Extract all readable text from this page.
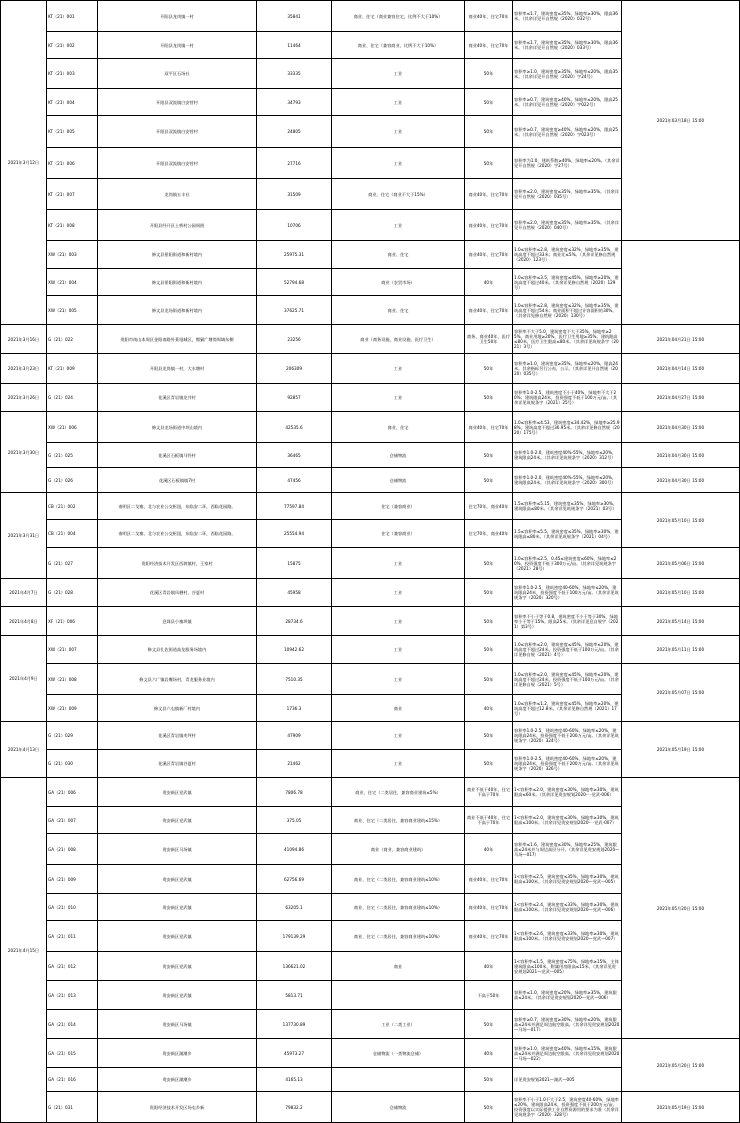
2021年3月12日	KT（21）001	开阳县龙岗镇一村	35841	商业、住宅（商业兼容住宅，比例不大于10%）	商业40年、住宅70年	容积率≤1.7，建筑密度≤35%，绿地率≥30%，限高36米。（其余详见开自然规（2020）032号）	2021年03月18日 15:00
	KT（21）002	开阳县龙岗镇一村	11464	商业、住宅（兼容商业，比例不大于10%）	商业40年、住宅70年	容积率≤1.7，建筑密度≤35%，绿地率≥30%，限高36米。（其余详见开自然规（2020）033号）	
	KT（21）003	双平区石场社	33335	工业	50年	容积率≥1.0，建筑密度≥35%，绿地率≤20%，限高35米。（其余详见开自然规（2020）字24号）	
	KT（21）004	开阳县双流镇白安营村	34793	工业	50年	容积率≥0.7，建筑密度≥40%，绿地率≤20%，限高25米。（其余详见开自然规（2020）字022号）	
	KT（21）005	开阳县双流镇白安营村	24805	工业	50年	容积率≥0.7，建筑密度≥40%，绿地率≤20%，限高25米。（其余详见开自然规（2020）字023号）	
	KT（21）006	开阳县双流镇白安营村	27716	工业	50年	容积率为1.0，建筑系数≥40%，绿地率≤20%。（其余详见开自然规（2020）字27号）	
	KT（21）007	龙岗镇五丰社	31509	商业、住宅（商业不大于15%）	商业40年，住宅70年	容积率≤2.0，建筑密度≤35%，绿地率≥35%。（其余详见开自然规（2020）035号）	
	KT（21）008	开阳县经开区土桥村公园周围	10706	工业	商业40年、住宅70年	容积率≤2.0，建筑密度≤35%，绿地率≥35%。（其余详见开自然规（2020）040号）	
	XW（21）003	修文县景阳街道和新村境内	25975.31	商业、住宅	商业40年、住宅70年	1.0≤容积率≤2.8，建筑密度≤32%，绿地率≥35%，建筑高度不超过33米；商业比≤5%。（其余详见修自然规（2020）123号）	
	XW（21）004	修文县景阳街道和新村境内	52794.68	商业（农贸市场）	40年	1.0≤容积率≤3.5，建筑密度≤45%，绿地率≥20%，建筑高度不超过40米。（其余详见修自然规（2020）129号）	
	XW（21）005	修文县龙场街道和新村境内	37625.71	商业、住宅	商业40年、住宅70年	1.0≤容积率≤2.8，建筑密度≤32%，绿地率≥35%，建筑高度不超过54米；商业面积不超过计容面积的30%。（其余详见修自然规（2020）130号）	
2021年3月16日	G（21）022	贵阳市南山本周区金阳南路外莱垭城区，熊猫广塘湾周域东侧	23256	商业（商务设施、商业设施、医疗卫生）	商务、商业40年，医疗卫生50年	容积率不大于5.0，建筑密度不大于35%，绿地率≥25%，商业用地≥20%，医疗卫生用地≥35%；建筑限高≤80米，医疗卫生限高≤80米。（其余详见筑规条字（2021）3号）	2021年04月21日 15:00
2021年3月23日	KT（21）009	开阳县龙岗镇一村，大水塘村	206309	工业	50年	容积率≥1.0，建筑密度≥35%，绿地率≤20%，限高24米。其余指标另行公布，公示。（其余详见开自然规（2020）035号）	2021年04月14日 15:00
2021年3月26日	G（21）024	花溪区青岩镇龙井村	92857	工业	50年	容积率1.0-2.5，建筑密度不小于40%，绿地率不大于20%；建筑限高24米，投资强度不低于100万元/亩。（其余详见筑规条字（2021）25号）	2021年04月27日 15:00
2021年3月30日	XW（21）006	修文县龙场街道中坝山境内	42535.6	商业、住宅	商业40年、住宅70年	1.0≤容积率≤4.53，建筑密度≤34.42%，绿地率≥25.98%，建筑高度不超过36.95米。（其余详见修自然规（2020）175号）	2021年04月30日 15:00
	G（21）025	花溪区石板镇马铃村	36465	仓储物流	50年	容积率1.0-2.0，建筑密度40%-55%，绿地率≤20%，建筑限高24米。（其余详见筑规条字（2020）312号）	2021年04月30日 15:00
	G（21）026	花溪区石板镇镇7村	47456	仓储物流	50年	容积率1.0-2.0，建筑密度40%-55%，绿地率≤20%，建筑限高24米。（其余详见筑规条字（2020）300号）	2021年04月30日 15:00
2021年3月31日	CB（21）002	南明区二戈寨，北与农业公交枢纽，东临安二环，西临花园路。	77597.84	住宅（兼容商业）	住宅70年，商业40年	1.5≤容积率≤5.15，建筑密度≤35%，绿地率≥30%，建筑限高≤80米。（其余详见筑规条字（2021）03号）	2021年05月10日 15:00
	CB（21）004	南明区二戈寨，北与农业公交枢纽，东临安二环，西临花园路。	25554.94	住宅（兼容商业）	住宅70年，商业40年	1.5≤容积率≤5.5，建筑密度≤35%，绿地率≥30%，建筑限高≤80米。（其余详见筑规条字（2021）04号）	
	G（21）027	贵阳经济技术开发区西坡镇村，王家村	15875	工业	50年	1.0≤容积率≤2.5，0.45≤建筑密度≤60%，绿地率≤20%，投资强度不低于300万元/亩。（其余详见筑规条字（2021）28号）	2021年05月06日 15:00
2021年4月7日	G（21）028	花溪区青岩镇凤栖村，谷夏村	45958	工业	50年	容积率1.0-2.5，建筑密度40-60%，绿地率≤20%，建筑限高24米，投资强度不低于100万元/亩。（其余详见筑规条字（2020）320号）	2021年05月10日 15:00
2021年4月8日	XF（21）006	息烽县小寨坝镇	28734.6	工业	50年	容积率不小于等于0.8，建筑密度不小于等于30%，绿地率小于等于15%，限高25米。（其余详见息自规字（2021）第3号）	2021年05月14日 15:00
2021年4月9日	XW（21）007	修文县扎佐街道高龙服务场境内	10942.62	工业	50年	1.0≤容积率≤2.0，建筑密度≤45%，绿地率≤20%，建筑高度不超过24米，投资强度不低于100万元/亩。（其余详见修自规（2021）4号）	2021年05月11日 15:00
	XW（21）008	修文县六广镇岩鹰场村，青龙服务业境内	7510.35	工业	50年	1.0≤容积率≤2.0，建筑密度≤45%，绿地率≤20%，建筑高度不超过24米，投资强度不低于100万元/亩。（其余详见修自规（2021）5号）	2021年05月07日 15:00
	XW（21）009	修文县六屯镇新厂村境内	1736.3	商业	40年	1.0≤容积率≤1.2，建筑密度≤45%，绿地率≥20%，建筑高度不超过12.8米。（其余详见修自然规（2021）17号）	
2021年4月13日	G（21）029	花溪区青岩镇麦坪村	47909	工业	50年	容积率1.0-2.5，建筑密度40-60%，绿地率≤20%，建筑限高24米，投资强度不低于200万元/亩。（其余详见筑规条字（2020）324号）	2021年05月19日 15:00
	G（21）030	花溪区青岩镇谷夏村	21462	工业	50年	容积率1.0-2.5，建筑密度40-60%，绿地率≤20%，建筑限高24米，投资强度不低于200万元/亩。（其余详见筑规条字（2020）326号）	
2021年4月15日	GA（21）006	贵安新区党武镇	7806.78	商业、住宅（二类居住，兼容商业建筑≤5%）	商业不低于40年，住宅不高于70年	1<容积率≤2.0，建筑密度≤30%，绿地率≥30%，建筑限高≤60米。（其余详见贵安规划2020-一党武-006）	2021年05月20日 15:00
	GA（21）007	贵安新区党武镇	375.05	商业、住宅（二类居住，兼容商业建筑≤15%）	商业不低于40年，住宅不高于70年	1<容积率≤2.0，建筑密度≤30%，绿地率≥30%，建筑限高≤100米。（其余详见贵安规划2020-一党武-007）	
	GA（21）008	贵安新区马场镇	41094.86	商业（商业，兼容商业建筑）	40年	容积率≤1.6，建筑密度≤30%，绿地率≥25%，建筑限高≤24米并与周边高层分开。（其余详见贵安规划2020—马场—017）	
	GA（21）009	贵安新区党武镇	62756.69	商业、住宅（二类居住，兼容商业建筑≤10%）	商业40年，住宅70年	1<容积率≤2.5，建筑密度≤35%，绿地率≥30%，建筑限高≤100米。（其余详见贵安规划2020—党武—005）	
	GA（21）010	贵安新区党武镇	63205.1	商业、住宅（二类居住，兼容商业建筑≤10%）	商业40年，住宅70年	1<容积率≤2.4，建筑密度≤33%，绿地率≥30%，建筑限高≤100米。（其余详见贵安规划2020—党武—006）	
	GA（21）011	贵安新区党武镇	179139.29	商业、住宅（二类居住，兼容商业建筑≤10%）	商业40年，住宅70年	1<容积率≤2.6，建筑密度≤33%，绿地率≥30%，建筑限高≤100米。（其余详见贵安规划2020—党武—007）	
	GA（21）012	贵安新区党武镇	136621.02	商业	40年	1<容积率≤1.5，建筑密度≤75%，绿地率≥15%，主体建筑限高≤100米，附属用房限高≤15米。（其余详见贵安规划2021—党武—005）	
	GA（21）013	贵安新区党武镇	5813.71		不高于50年	容积率≤1.0，建筑密度≤20%，绿地率≥35%，建筑限高≤24米。（其余详见贵安规划2020—党武—006）	
	GA（21）014	贵安新区马场镇	137730.89	工业（二类工业）	50年	容积率≥0.7，建筑密度≥30%，绿地率≤20%，建筑限高≤24米并满足周边航空限高。（其余详见贵安规划2020—马场—017）	
	GA（21）015	贵安新区湖潮乡	45973.27	仓储物流（一类物流仓储）	40年	容积率≥1.0，建筑密度≥40%，绿地率≤15%，建筑限高≤24米并满足周边航空限高。（其余详见贵安规划2020—马场—022）	2021年05月20日 15:00
	GA（21）016	贵安新区湖潮乡	4165.13		50年	详见贵安规划2021—湖武—005	
	G（21）031	贵阳经济技术开发区场屯乡新	79832.2	仓储物流	50年	容积率不小于1.0不大于2.5，建筑密度40-60%，绿地率≤20%，建筑限高24米，投资强度不低于200万元/亩，投资强度以实际提供工业自然资源用的要求为准（其余详见筑规条字（2020）328号）	2021年05月19日 15:00
